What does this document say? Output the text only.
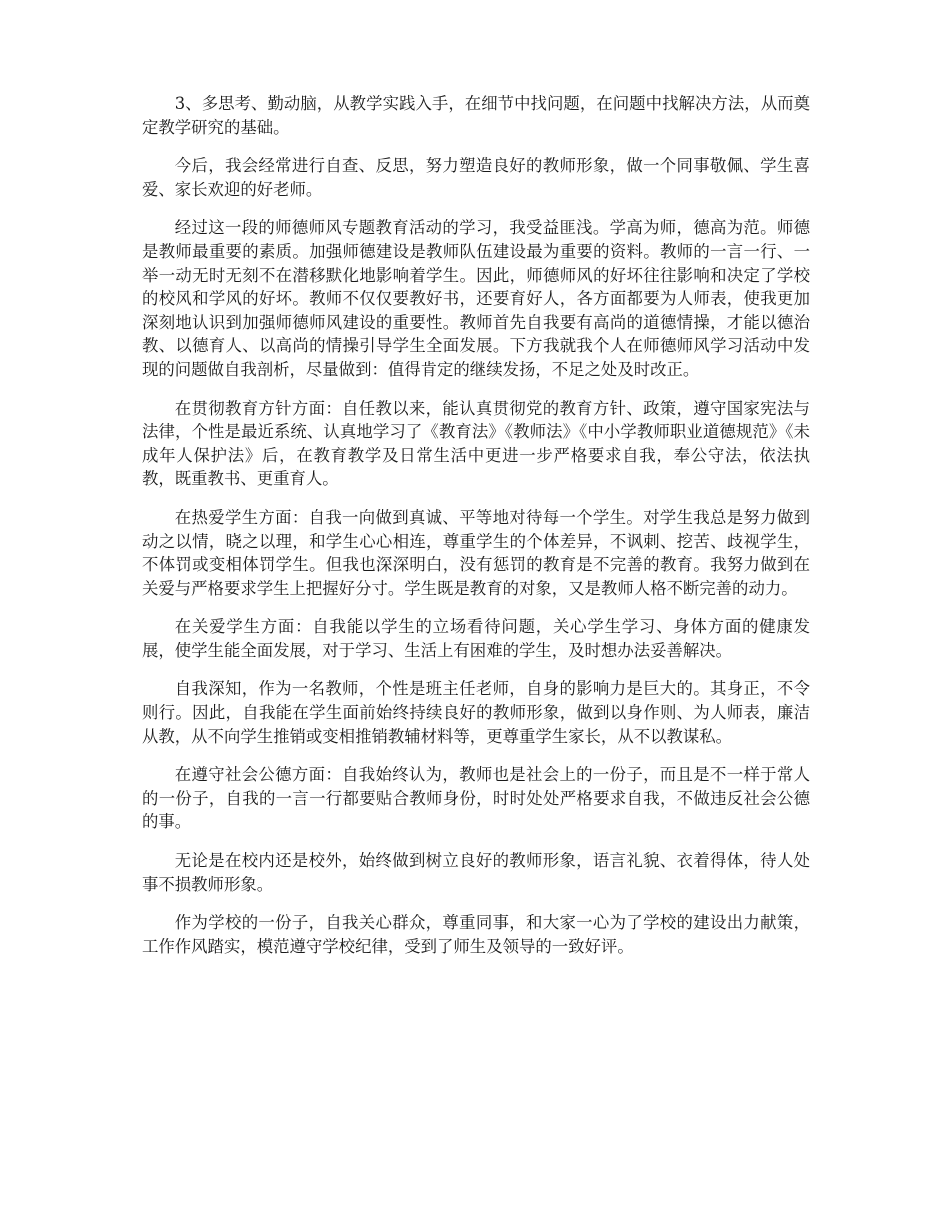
3、多思考、勤动脑，从教学实践入手，在细节中找问题，在问题中找解决方法，从而奠定教学研究的基础。

今后，我会经常进行自查、反思，努力塑造良好的教师形象，做一个同事敬佩、学生喜爱、家长欢迎的好老师。

经过这一段的师德师风专题教育活动的学习，我受益匪浅。学高为师，德高为范。师德是教师最重要的素质。加强师德建设是教师队伍建设最为重要的资料。教师的一言一行、一举一动无时无刻不在潜移默化地影响着学生。因此，师德师风的好坏往往影响和决定了学校的校风和学风的好坏。教师不仅仅要教好书，还要育好人，各方面都要为人师表，使我更加深刻地认识到加强师德师风建设的重要性。教师首先自我要有高尚的道德情操，才能以德治教、以德育人、以高尚的情操引导学生全面发展。下方我就我个人在师德师风学习活动中发现的问题做自我剖析，尽量做到：值得肯定的继续发扬，不足之处及时改正。

在贯彻教育方针方面：自任教以来，能认真贯彻党的教育方针、政策，遵守国家宪法与法律，个性是最近系统、认真地学习了《教育法》《教师法》《中小学教师职业道德规范》《未成年人保护法》后，在教育教学及日常生活中更进一步严格要求自我，奉公守法，依法执教，既重教书、更重育人。

在热爱学生方面：自我一向做到真诚、平等地对待每一个学生。对学生我总是努力做到动之以情，晓之以理，和学生心心相连，尊重学生的个体差异，不讽刺、挖苦、歧视学生，不体罚或变相体罚学生。但我也深深明白，没有惩罚的教育是不完善的教育。我努力做到在关爱与严格要求学生上把握好分寸。学生既是教育的对象，又是教师人格不断完善的动力。

在关爱学生方面：自我能以学生的立场看待问题，关心学生学习、身体方面的健康发展，使学生能全面发展，对于学习、生活上有困难的学生，及时想办法妥善解决。

自我深知，作为一名教师，个性是班主任老师，自身的影响力是巨大的。其身正，不令则行。因此，自我能在学生面前始终持续良好的教师形象，做到以身作则、为人师表，廉洁从教，从不向学生推销或变相推销教辅材料等，更尊重学生家长，从不以教谋私。

在遵守社会公德方面：自我始终认为，教师也是社会上的一份子，而且是不一样于常人的一份子，自我的一言一行都要贴合教师身份，时时处处严格要求自我，不做违反社会公德的事。

无论是在校内还是校外，始终做到树立良好的教师形象，语言礼貌、衣着得体，待人处事不损教师形象。

作为学校的一份子，自我关心群众，尊重同事，和大家一心为了学校的建设出力献策，工作作风踏实，模范遵守学校纪律，受到了师生及领导的一致好评。
